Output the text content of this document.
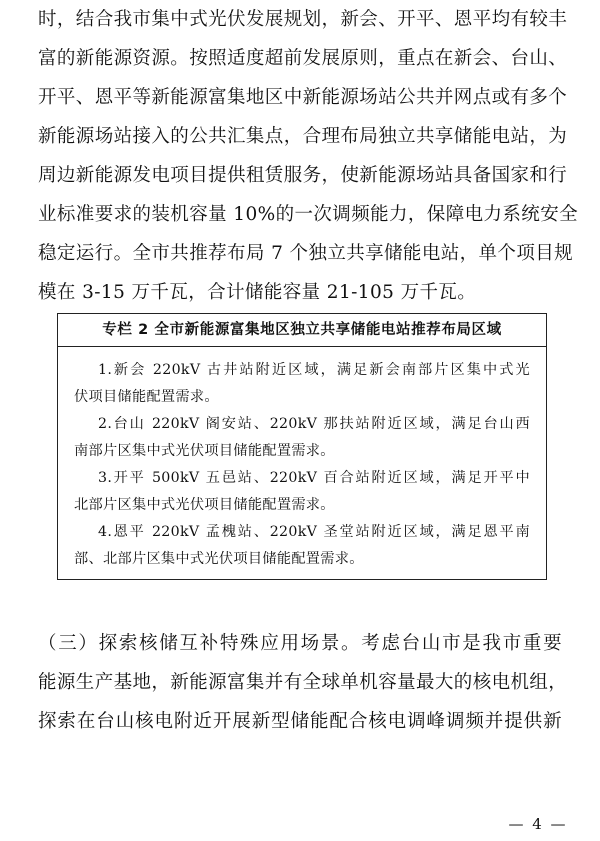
时，结合我市集中式光伏发展规划，新会、开平、恩平均有较丰
富的新能源资源。按照适度超前发展原则，重点在新会、台山、
开平、恩平等新能源富集地区中新能源场站公共并网点或有多个
新能源场站接入的公共汇集点，合理布局独立共享储能电站，为
周边新能源发电项目提供租赁服务，使新能源场站具备国家和行
业标准要求的装机容量 10%的一次调频能力，保障电力系统安全
稳定运行。全市共推荐布局 7 个独立共享储能电站，单个项目规
模在 3-15 万千瓦，合计储能容量 21-105 万千瓦。
专栏 2 全市新能源富集地区独立共享储能电站推荐布局区域
1.新会 220kV 古井站附近区域，满足新会南部片区集中式光
伏项目储能配置需求。
2.台山 220kV 阁安站、220kV 那扶站附近区域，满足台山西
南部片区集中式光伏项目储能配置需求。
3.开平 500kV 五邑站、220kV 百合站附近区域，满足开平中
北部片区集中式光伏项目储能配置需求。
4.恩平 220kV 孟槐站、220kV 圣堂站附近区域，满足恩平南
部、北部片区集中式光伏项目储能配置需求。
（三）探索核储互补特殊应用场景。考虑台山市是我市重要
能源生产基地，新能源富集并有全球单机容量最大的核电机组，
探索在台山核电附近开展新型储能配合核电调峰调频并提供新
— 4 —
